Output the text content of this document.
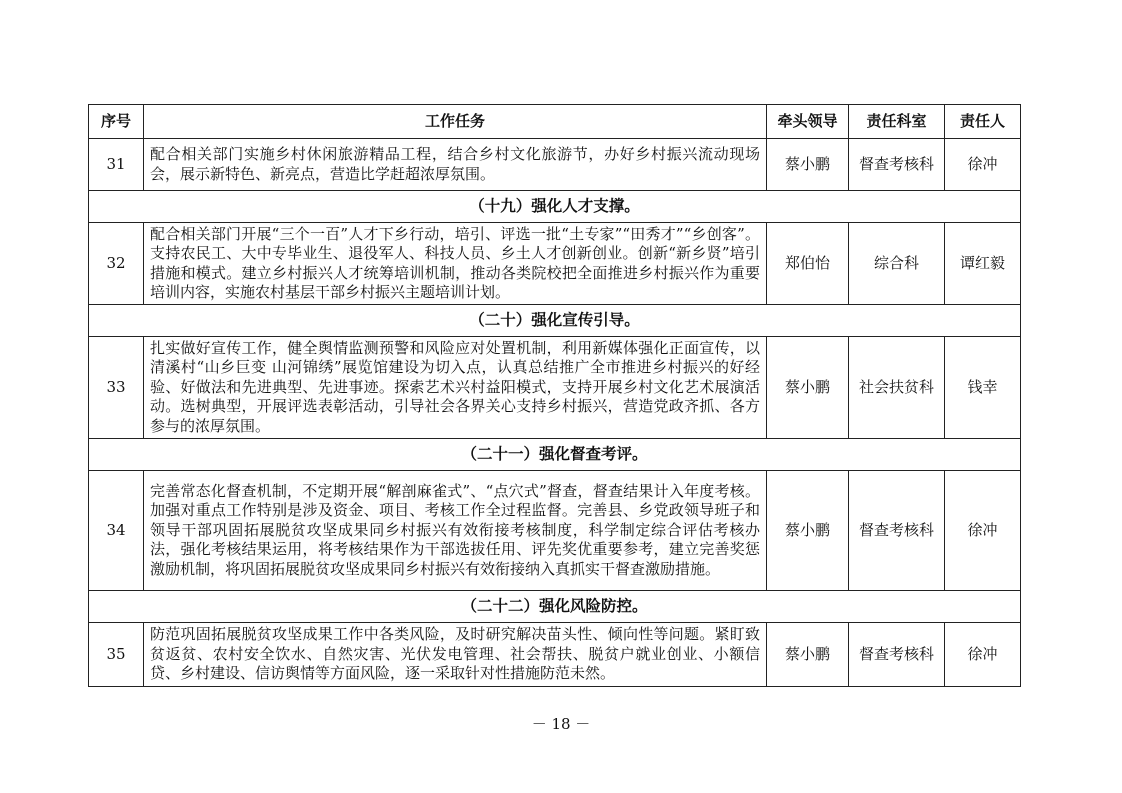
序号	工作任务	牵头领导	责任科室	责任人
31	配合相关部门实施乡村休闲旅游精品工程，结合乡村文化旅游节，办好乡村振兴流动现场会，展示新特色、新亮点，营造比学赶超浓厚氛围。	蔡小鹏	督查考核科	徐冲
（十九）强化人才支撑。				
32	配合相关部门开展“三个一百”人才下乡行动，培引、评选一批“土专家”“田秀才”“乡创客”。支持农民工、大中专毕业生、退役军人、科技人员、乡土人才创新创业。创新“新乡贤”培引措施和模式。建立乡村振兴人才统筹培训机制，推动各类院校把全面推进乡村振兴作为重要培训内容，实施农村基层干部乡村振兴主题培训计划。	郑伯怡	综合科	谭红毅
（二十）强化宣传引导。				
33	扎实做好宣传工作，健全舆情监测预警和风险应对处置机制，利用新媒体强化正面宣传，以清溪村“山乡巨变 山河锦绣”展览馆建设为切入点，认真总结推广全市推进乡村振兴的好经验、好做法和先进典型、先进事迹。探索艺术兴村益阳模式，支持开展乡村文化艺术展演活动。选树典型，开展评选表彰活动，引导社会各界关心支持乡村振兴，营造党政齐抓、各方参与的浓厚氛围。	蔡小鹏	社会扶贫科	钱幸
（二十一）强化督查考评。				
34	完善常态化督查机制，不定期开展“解剖麻雀式”、“点穴式”督查，督查结果计入年度考核。加强对重点工作特别是涉及资金、项目、考核工作全过程监督。完善县、乡党政领导班子和领导干部巩固拓展脱贫攻坚成果同乡村振兴有效衔接考核制度，科学制定综合评估考核办法，强化考核结果运用，将考核结果作为干部选拔任用、评先奖优重要参考，建立完善奖惩激励机制，将巩固拓展脱贫攻坚成果同乡村振兴有效衔接纳入真抓实干督查激励措施。	蔡小鹏	督查考核科	徐冲
（二十二）强化风险防控。				
35	防范巩固拓展脱贫攻坚成果工作中各类风险，及时研究解决苗头性、倾向性等问题。紧盯致贫返贫、农村安全饮水、自然灾害、光伏发电管理、社会帮扶、脱贫户就业创业、小额信贷、乡村建设、信访舆情等方面风险，逐一采取针对性措施防范未然。	蔡小鹏	督查考核科	徐冲
－ 18 －
